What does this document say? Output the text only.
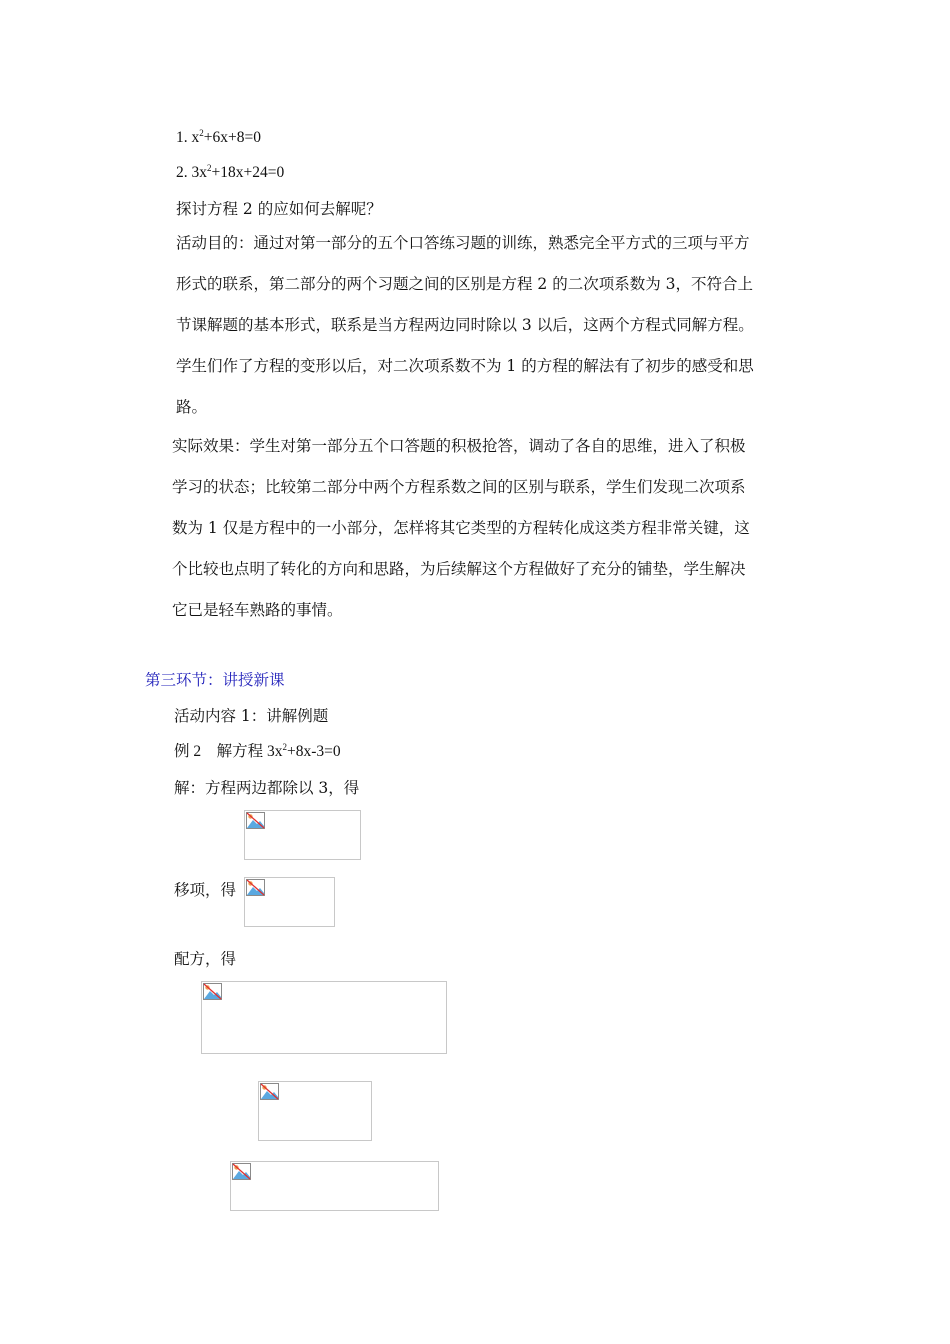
1. $x^2+6x+8=0$
2. $3x^2+18x+24=0$
探讨方程 2 的应如何去解呢？
活动目的：通过对第一部分的五个口答练习题的训练，熟悉完全平方式的三项与平方
形式的联系，第二部分的两个习题之间的区别是方程 2 的二次项系数为 3，不符合上
节课解题的基本形式，联系是当方程两边同时除以 3 以后，这两个方程式同解方程。
学生们作了方程的变形以后，对二次项系数不为 1 的方程的解法有了初步的感受和思
路。
实际效果：学生对第一部分五个口答题的积极抢答，调动了各自的思维，进入了积极
学习的状态；比较第二部分中两个方程系数之间的区别与联系，学生们发现二次项系
数为 1 仅是方程中的一小部分，怎样将其它类型的方程转化成这类方程非常关键，这
个比较也点明了转化的方向和思路，为后续解这个方程做好了充分的铺垫，学生解决
它已是轻车熟路的事情。
第三环节：讲授新课
活动内容 1：讲解例题
例 2　解方程 $3x^2+8x-3=0$
解：方程两边都除以 3，得
移项，得
配方，得
